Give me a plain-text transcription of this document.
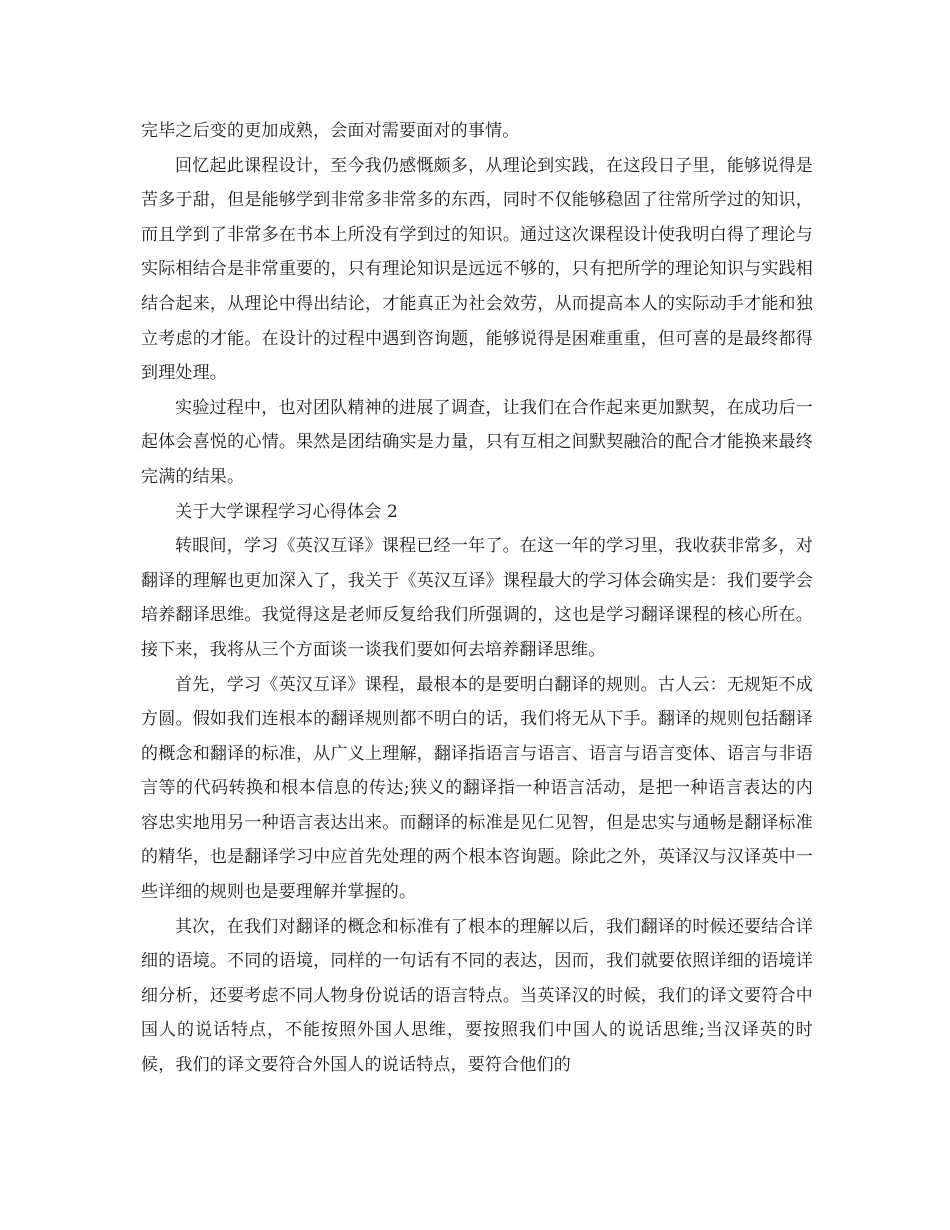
完毕之后变的更加成熟，会面对需要面对的事情。

回忆起此课程设计，至今我仍感慨颇多，从理论到实践，在这段日子里，能够说得是苦多于甜，但是能够学到非常多非常多的东西，同时不仅能够稳固了往常所学过的知识，而且学到了非常多在书本上所没有学到过的知识。通过这次课程设计使我明白得了理论与实际相结合是非常重要的，只有理论知识是远远不够的，只有把所学的理论知识与实践相结合起来，从理论中得出结论，才能真正为社会效劳，从而提高本人的实际动手才能和独立考虑的才能。在设计的过程中遇到咨询题，能够说得是困难重重，但可喜的是最终都得到理处理。

实验过程中，也对团队精神的进展了调查，让我们在合作起来更加默契，在成功后一起体会喜悦的心情。果然是团结确实是力量，只有互相之间默契融洽的配合才能换来最终完满的结果。

关于大学课程学习心得体会 2

转眼间，学习《英汉互译》课程已经一年了。在这一年的学习里，我收获非常多，对翻译的理解也更加深入了，我关于《英汉互译》课程最大的学习体会确实是：我们要学会培养翻译思维。我觉得这是老师反复给我们所强调的，这也是学习翻译课程的核心所在。接下来，我将从三个方面谈一谈我们要如何去培养翻译思维。

首先，学习《英汉互译》课程，最根本的是要明白翻译的规则。古人云：无规矩不成方圆。假如我们连根本的翻译规则都不明白的话，我们将无从下手。翻译的规则包括翻译的概念和翻译的标准，从广义上理解，翻译指语言与语言、语言与语言变体、语言与非语言等的代码转换和根本信息的传达;狭义的翻译指一种语言活动，是把一种语言表达的内容忠实地用另一种语言表达出来。而翻译的标准是见仁见智，但是忠实与通畅是翻译标准的精华，也是翻译学习中应首先处理的两个根本咨询题。除此之外，英译汉与汉译英中一些详细的规则也是要理解并掌握的。

其次，在我们对翻译的概念和标准有了根本的理解以后，我们翻译的时候还要结合详细的语境。不同的语境，同样的一句话有不同的表达，因而，我们就要依照详细的语境详细分析，还要考虑不同人物身份说话的语言特点。当英译汉的时候，我们的译文要符合中国人的说话特点，不能按照外国人思维，要按照我们中国人的说话思维;当汉译英的时候，我们的译文要符合外国人的说话特点，要符合他们的
